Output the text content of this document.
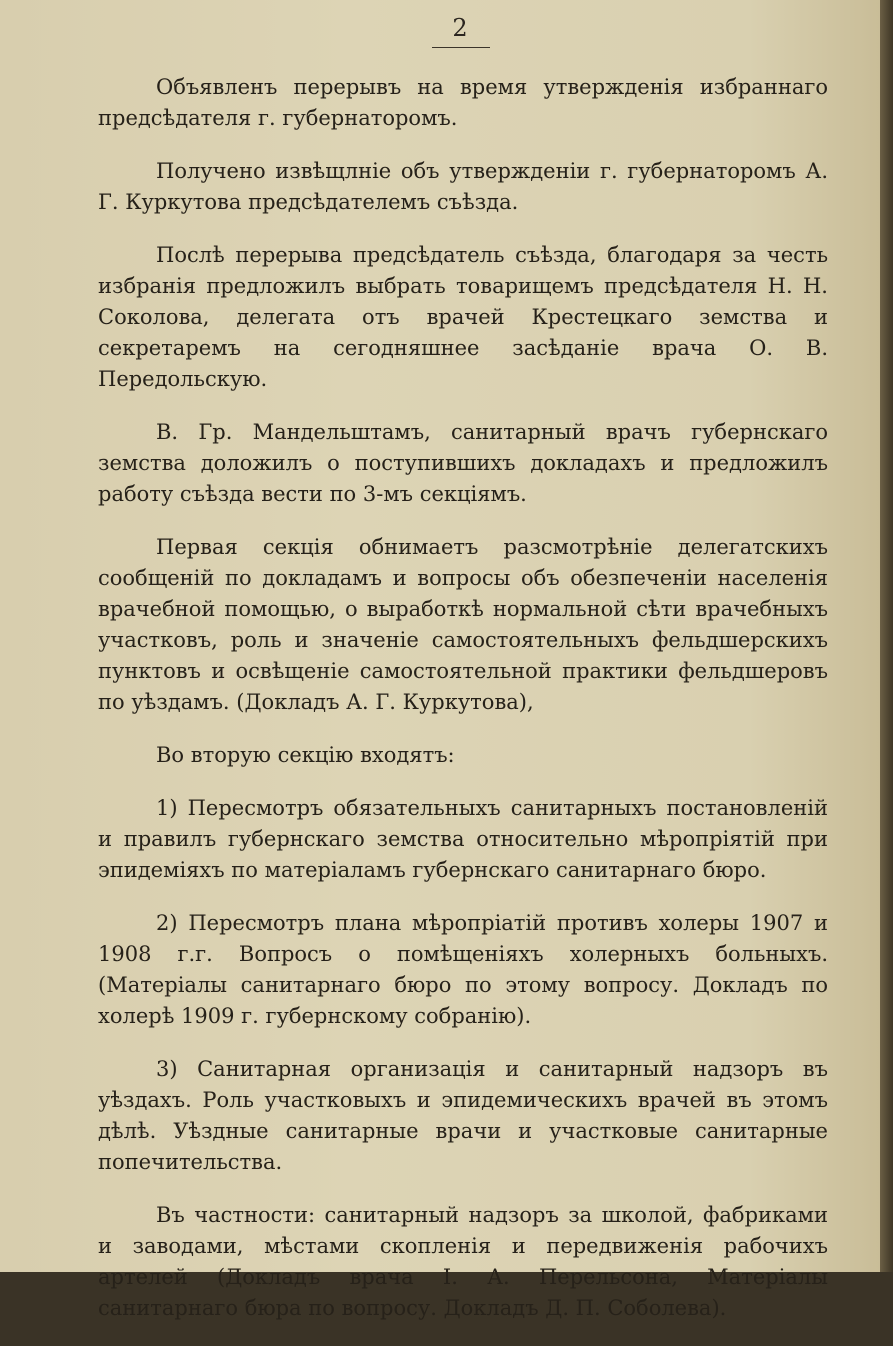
2

Объявленъ перерывъ на время утвержденія избраннаго предсѣдателя г. губернаторомъ.

Получено извѣщлніе объ утвержденіи г. губернаторомъ А. Г. Куркутова предсѣдателемъ съѣзда.

Послѣ перерыва предсѣдатель съѣзда, благодаря за честь избранія предложилъ выбрать товарищемъ предсѣдателя Н. Н. Соколова, делегата отъ врачей Крестецкаго земства и секретаремъ на сегодняшнее засѣданіе врача О. В. Передольскую.

В. Гр. Мандельштамъ, санитарный врачъ губернскаго земства доложилъ о поступившихъ докладахъ и предложилъ работу съѣзда вести по 3-мъ секціямъ.

Первая секція обнимаетъ разсмотрѣніе делегатскихъ сообщеній по докладамъ и вопросы объ обезпеченіи населенія врачебной помощью, о выработкѣ нормальной сѣти врачебныхъ участковъ, роль и значеніе самостоятельныхъ фельдшерскихъ пунктовъ и освѣщеніе самостоятельной практики фельдшеровъ по уѣздамъ. (Докладъ А. Г. Куркутова),

Во вторую секцію входятъ:

1) Пересмотръ обязательныхъ санитарныхъ постановленій и правилъ губернскаго земства относительно мѣропріятій при эпидеміяхъ по матеріаламъ губернскаго санитарнаго бюро.

2) Пересмотръ плана мѣропріатій противъ холеры 1907 и 1908 г.г. Вопросъ о помѣщеніяхъ холерныхъ больныхъ. (Матеріалы санитарнаго бюро по этому вопросу. Докладъ по холерѣ 1909 г. губернскому собранію).

3) Санитарная организація и санитарный надзоръ въ уѣздахъ. Роль участковыхъ и эпидемическихъ врачей въ этомъ дѣлѣ. Уѣздные санитарные врачи и участковые санитарные попечительства.

Въ частности: санитарный надзоръ за школой, фабриками и заводами, мѣстами скопленія и передвиженія рабочихъ артелей (Докладъ врача І. А. Перельсона, Матеріалы санитарнаго бюра по вопросу. Докладъ Д. П. Соболева).
